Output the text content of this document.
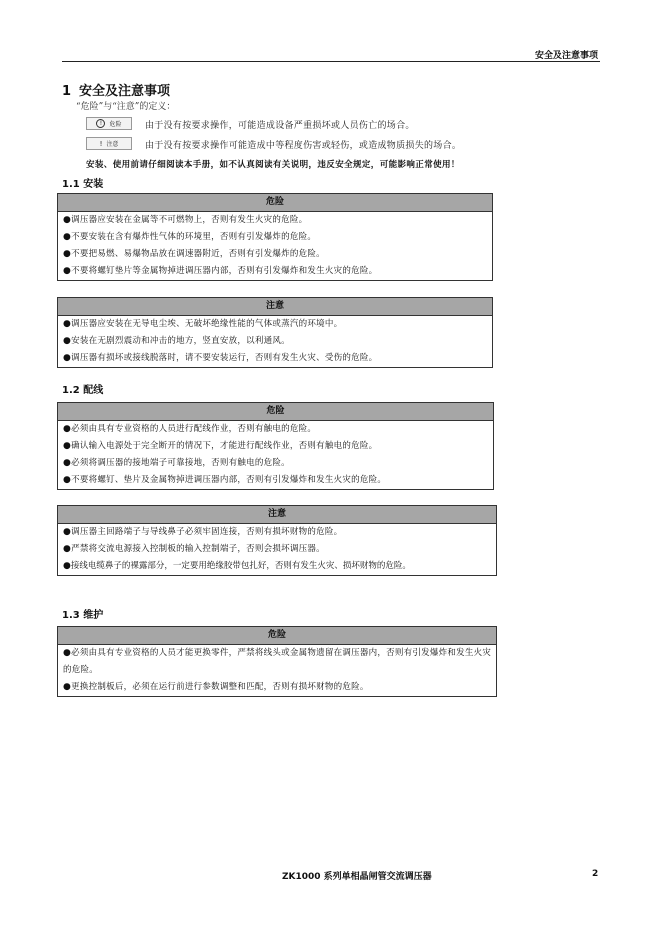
安全及注意事项
1 安全及注意事项
“危险”与“注意”的定义：
!	危险	由于没有按要求操作，可能造成设备严重损坏或人员伤亡的场合。
! 注意	由于没有按要求操作可能造成中等程度伤害或轻伤，或造成物质损失的场合。
安装、使用前请仔细阅读本手册，如不认真阅读有关说明，违反安全规定，可能影响正常使用！
1.1 安装
危险
●调压器应安装在金属等不可燃物上，否则有发生火灾的危险。
●不要安装在含有爆炸性气体的环境里，否则有引发爆炸的危险。
●不要把易燃、易爆物品放在调速器附近，否则有引发爆炸的危险。
●不要将螺钉垫片等金属物掉进调压器内部，否则有引发爆炸和发生火灾的危险。
注意
●调压器应安装在无导电尘埃、无破坏绝缘性能的气体或蒸汽的环境中。
●安装在无剧烈震动和冲击的地方，竖直安放，以利通风。
●调压器有损坏或接线脱落时，请不要安装运行，否则有发生火灾、受伤的危险。
1.2 配线
危险
●必须由具有专业资格的人员进行配线作业，否则有触电的危险。
●确认输入电源处于完全断开的情况下，才能进行配线作业，否则有触电的危险。
●必须将调压器的接地端子可靠接地，否则有触电的危险。
●不要将螺钉、垫片及金属物掉进调压器内部，否则有引发爆炸和发生火灾的危险。
注意
●调压器主回路端子与导线鼻子必须牢固连接，否则有损坏财物的危险。
●严禁将交流电源接入控制板的输入控制端子，否则会损坏调压器。
●接线电缆鼻子的裸露部分，一定要用绝缘胶带包扎好，否则有发生火灾、损坏财物的危险。
1.3 维护
危险
●必须由具有专业资格的人员才能更换零件，严禁将线头或金属物遗留在调压器内，否则有引发爆炸和发生火灾的危险。
●更换控制板后，必须在运行前进行参数调整和匹配，否则有损坏财物的危险。
ZK1000 系列单相晶闸管交流调压器	2
